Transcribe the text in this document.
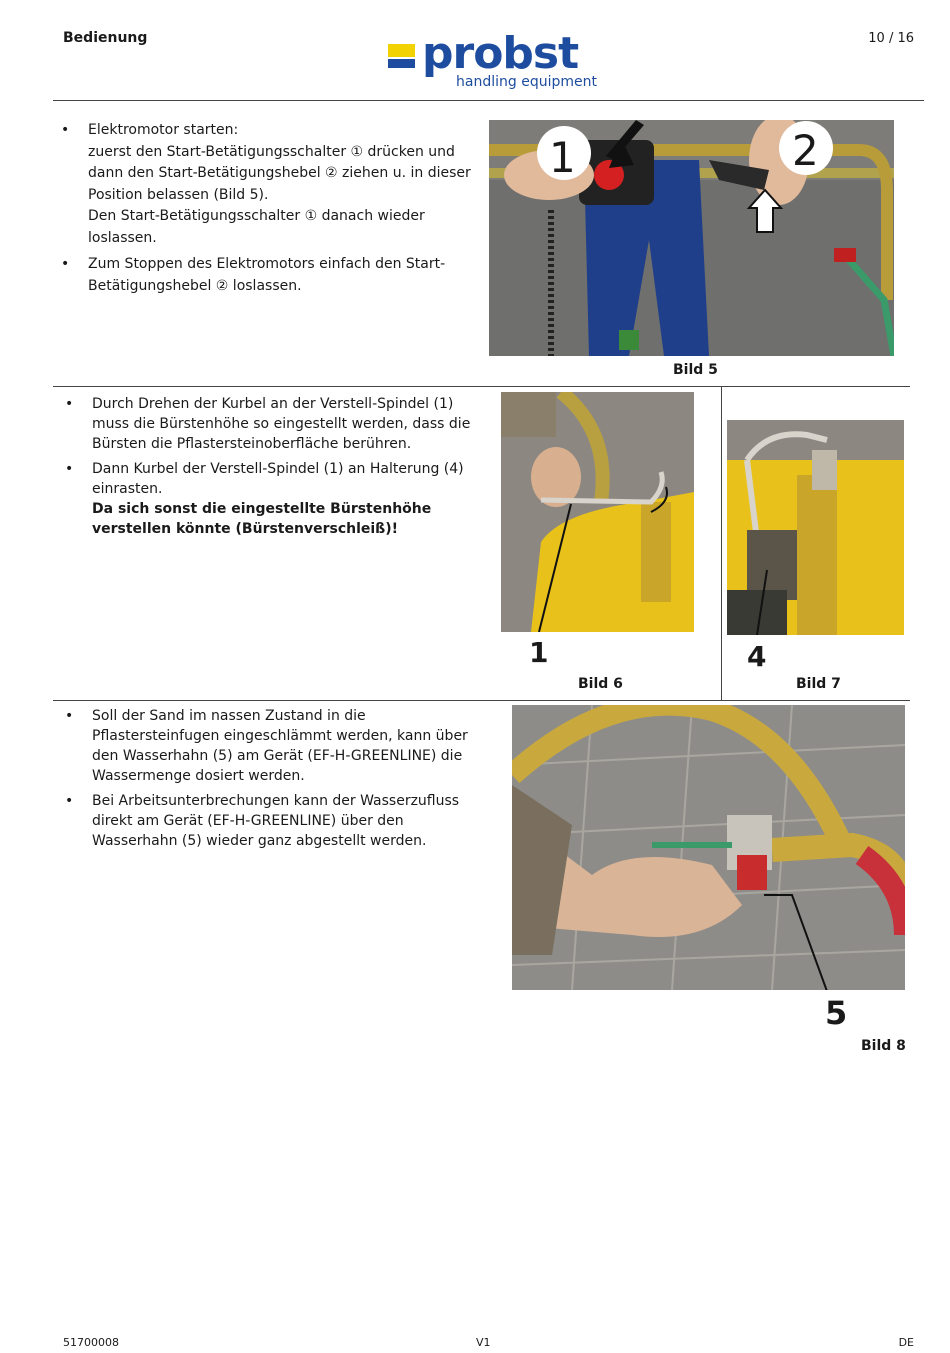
Bedienung	10 / 16
probst
handling equipment
• Elektromotor starten:
zuerst den Start-Betätigungsschalter ① drücken und dann den Start-Betätigungshebel ② ziehen u. in dieser Position belassen (Bild 5).
Den Start-Betätigungsschalter ① danach wieder loslassen.
• Zum Stoppen des Elektromotors einfach den Start-Betätigungshebel ② loslassen.
1	2
Bild 5
• Durch Drehen der Kurbel an der Verstell-Spindel (1) muss die Bürstenhöhe so eingestellt werden, dass die Bürsten die Pflastersteinoberfläche berühren.
• Dann Kurbel der Verstell-Spindel (1) an Halterung (4) einrasten.
Da sich sonst die eingestellte Bürstenhöhe verstellen könnte (Bürstenverschleiß)!
1
Bild 6
4
Bild 7
• Soll der Sand im nassen Zustand in die Pflastersteinfugen eingeschlämmt werden, kann über den Wasserhahn (5) am Gerät (EF-H-GREENLINE) die Wassermenge dosiert werden.
• Bei Arbeitsunterbrechungen kann der Wasserzufluss direkt am Gerät (EF-H-GREENLINE) über den Wasserhahn (5) wieder ganz abgestellt werden.
5
Bild 8
51700008	V1	DE
